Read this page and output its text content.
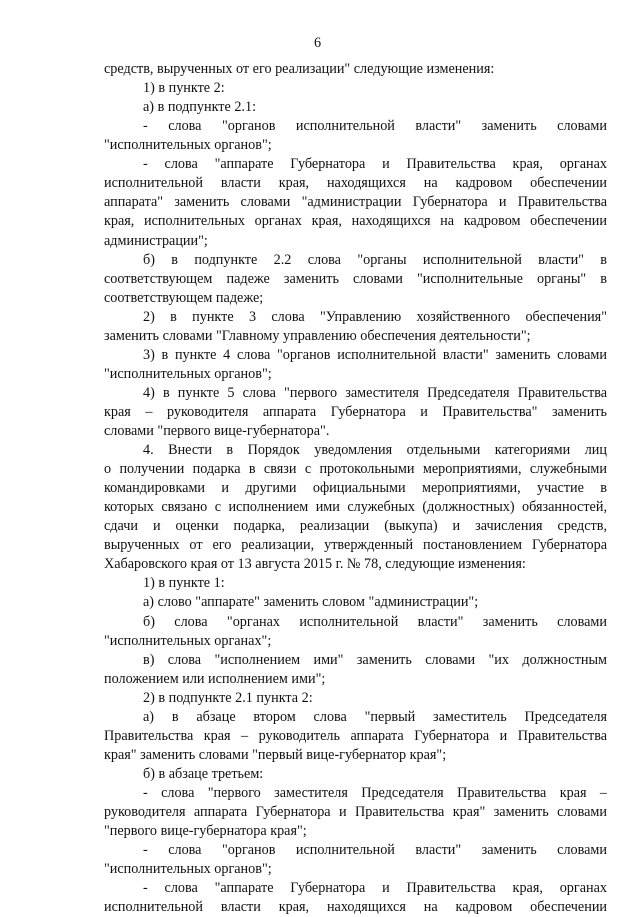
6
средств, вырученных от его реализации" следующие изменения:
1) в пункте 2:
а) в подпункте 2.1:
- слова "органов исполнительной власти" заменить словами
"исполнительных органов";
- слова "аппарате Губернатора и Правительства края, органах
исполнительной власти края, находящихся на кадровом обеспечении
аппарата" заменить словами "администрации Губернатора и Правительства
края, исполнительных органах края, находящихся на кадровом обеспечении
администрации";
б) в подпункте 2.2 слова "органы исполнительной власти" в
соответствующем падеже заменить словами "исполнительные органы" в
соответствующем падеже;
2) в пункте 3 слова "Управлению хозяйственного обеспечения"
заменить словами "Главному управлению обеспечения деятельности";
3) в пункте 4 слова "органов исполнительной власти" заменить словами
"исполнительных органов";
4) в пункте 5 слова "первого заместителя Председателя Правительства
края – руководителя аппарата Губернатора и Правительства" заменить
словами "первого вице-губернатора".
4. Внести в Порядок уведомления отдельными категориями лиц
о получении подарка в связи с протокольными мероприятиями, служебными
командировками и другими официальными мероприятиями, участие в
которых связано с исполнением ими служебных (должностных) обязанностей,
сдачи и оценки подарка, реализации (выкупа) и зачисления средств,
вырученных от его реализации, утвержденный постановлением Губернатора
Хабаровского края от 13 августа 2015 г. № 78, следующие изменения:
1) в пункте 1:
а) слово "аппарате" заменить словом "администрации";
б) слова "органах исполнительной власти" заменить словами
"исполнительных органах";
в) слова "исполнением ими" заменить словами "их должностным
положением или исполнением ими";
2) в подпункте 2.1 пункта 2:
а) в абзаце втором слова "первый заместитель Председателя
Правительства края – руководитель аппарата Губернатора и Правительства
края" заменить словами "первый вице-губернатор края";
б) в абзаце третьем:
- слова "первого заместителя Председателя Правительства края –
руководителя аппарата Губернатора и Правительства края" заменить словами
"первого вице-губернатора края";
- слова "органов исполнительной власти" заменить словами
"исполнительных органов";
- слова "аппарате Губернатора и Правительства края, органах
исполнительной власти края, находящихся на кадровом обеспечении
